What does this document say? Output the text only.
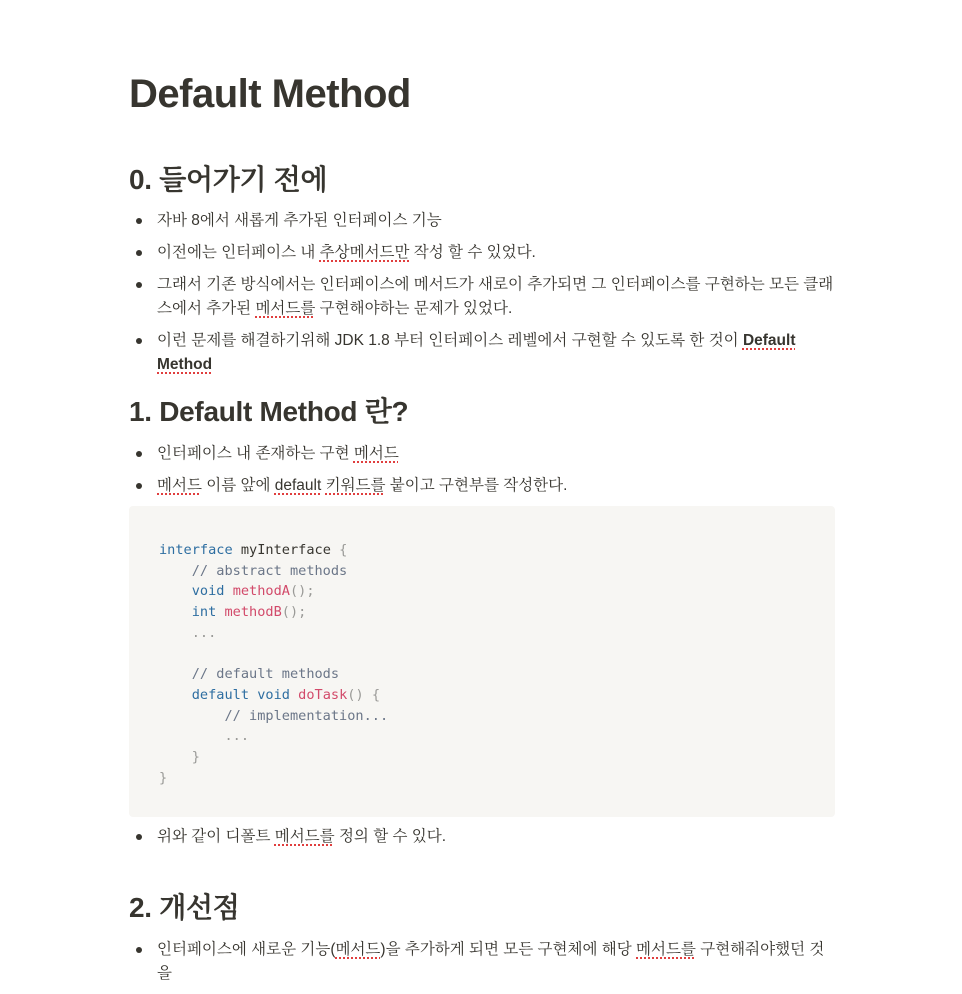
Default Method
0. 들어가기 전에
자바 8에서 새롭게 추가된 인터페이스 기능
이전에는 인터페이스 내 추상메서드만 작성 할 수 있었다.
그래서 기존 방식에서는 인터페이스에 메서드가 새로이 추가되면 그 인터페이스를 구현하는 모든 클래스에서 추가된 메서드를 구현해야하는 문제가 있었다.
이런 문제를 해결하기위해 JDK 1.8 부터 인터페이스 레벨에서 구현할 수 있도록 한 것이 Default Method
1. Default Method 란?
인터페이스 내 존재하는 구현 메서드
메서드 이름 앞에 default 키워드를 붙이고 구현부를 작성한다.
interface myInterface {
// abstract methods
void methodA();
int methodB();
...

// default methods
default void doTask() {
// implementation...
...
}
}
위와 같이 디폴트 메서드를 정의 할 수 있다.
2. 개선점
인터페이스에 새로운 기능(메서드)을 추가하게 되면 모든 구현체에 해당 메서드를 구현해줘야했던 것을
